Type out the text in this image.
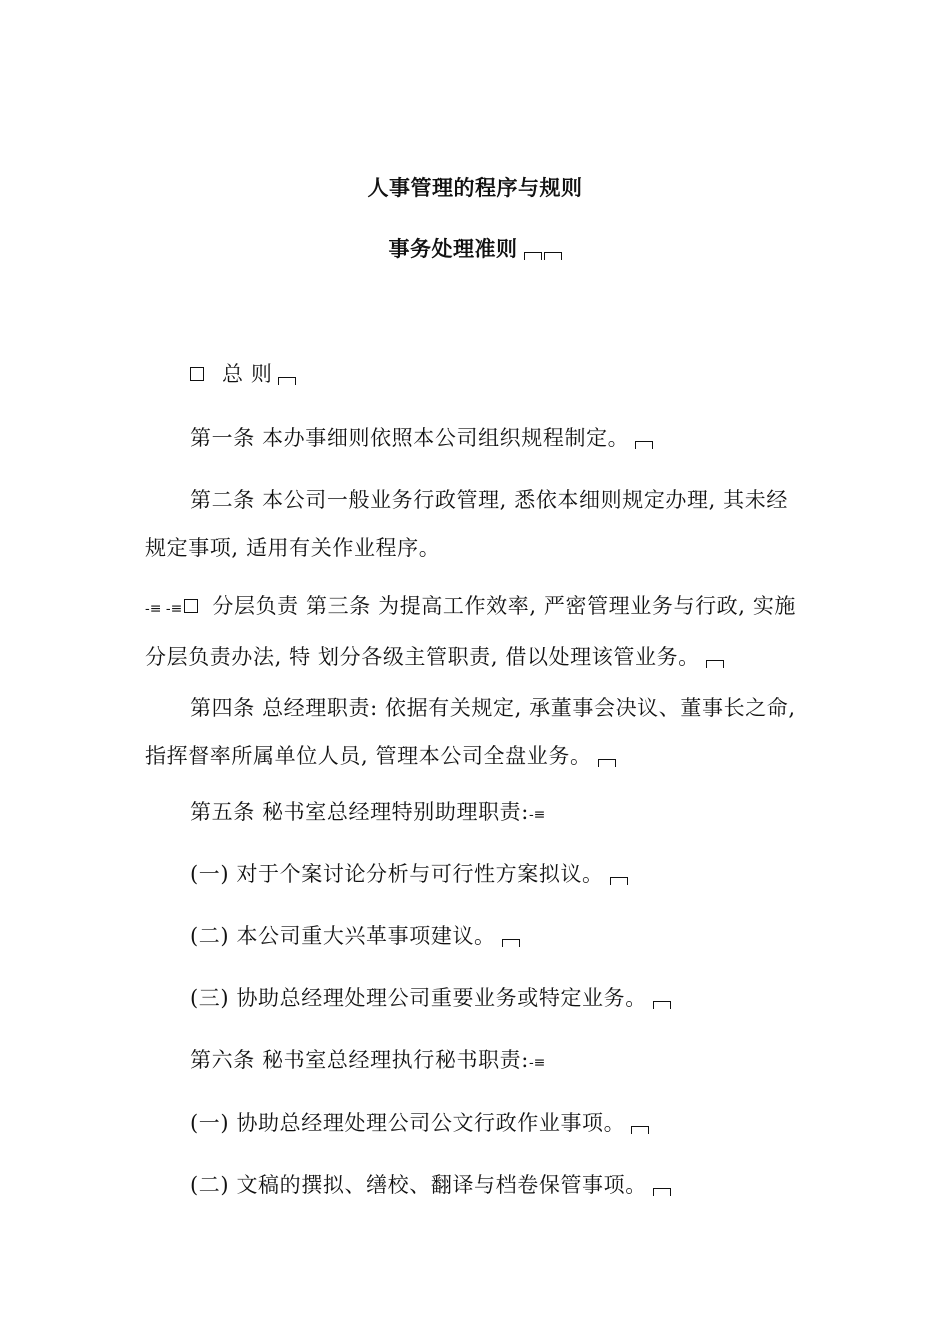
人事管理的程序与规则
事务处理准则
总 则
第一条 本办事细则依照本公司组织规程制定。
第二条 本公司一般业务行政管理, 悉依本细则规定办理, 其未经规定事项, 适用有关作业程序。
-≡ -≡ 分层负责 第三条 为提高工作效率, 严密管理业务与行政, 实施分层负责办法, 特 划分各级主管职责, 借以处理该管业务。
第四条 总经理职责: 依据有关规定, 承董事会决议、董事长之命, 指挥督率所属单位人员, 管理本公司全盘业务。
第五条 秘书室总经理特别助理职责:-≡
(一) 对于个案讨论分析与可行性方案拟议。
(二) 本公司重大兴革事项建议。
(三) 协助总经理处理公司重要业务或特定业务。
第六条 秘书室总经理执行秘书职责:-≡
(一) 协助总经理处理公司公文行政作业事项。
(二) 文稿的撰拟、缮校、翻译与档卷保管事项。
